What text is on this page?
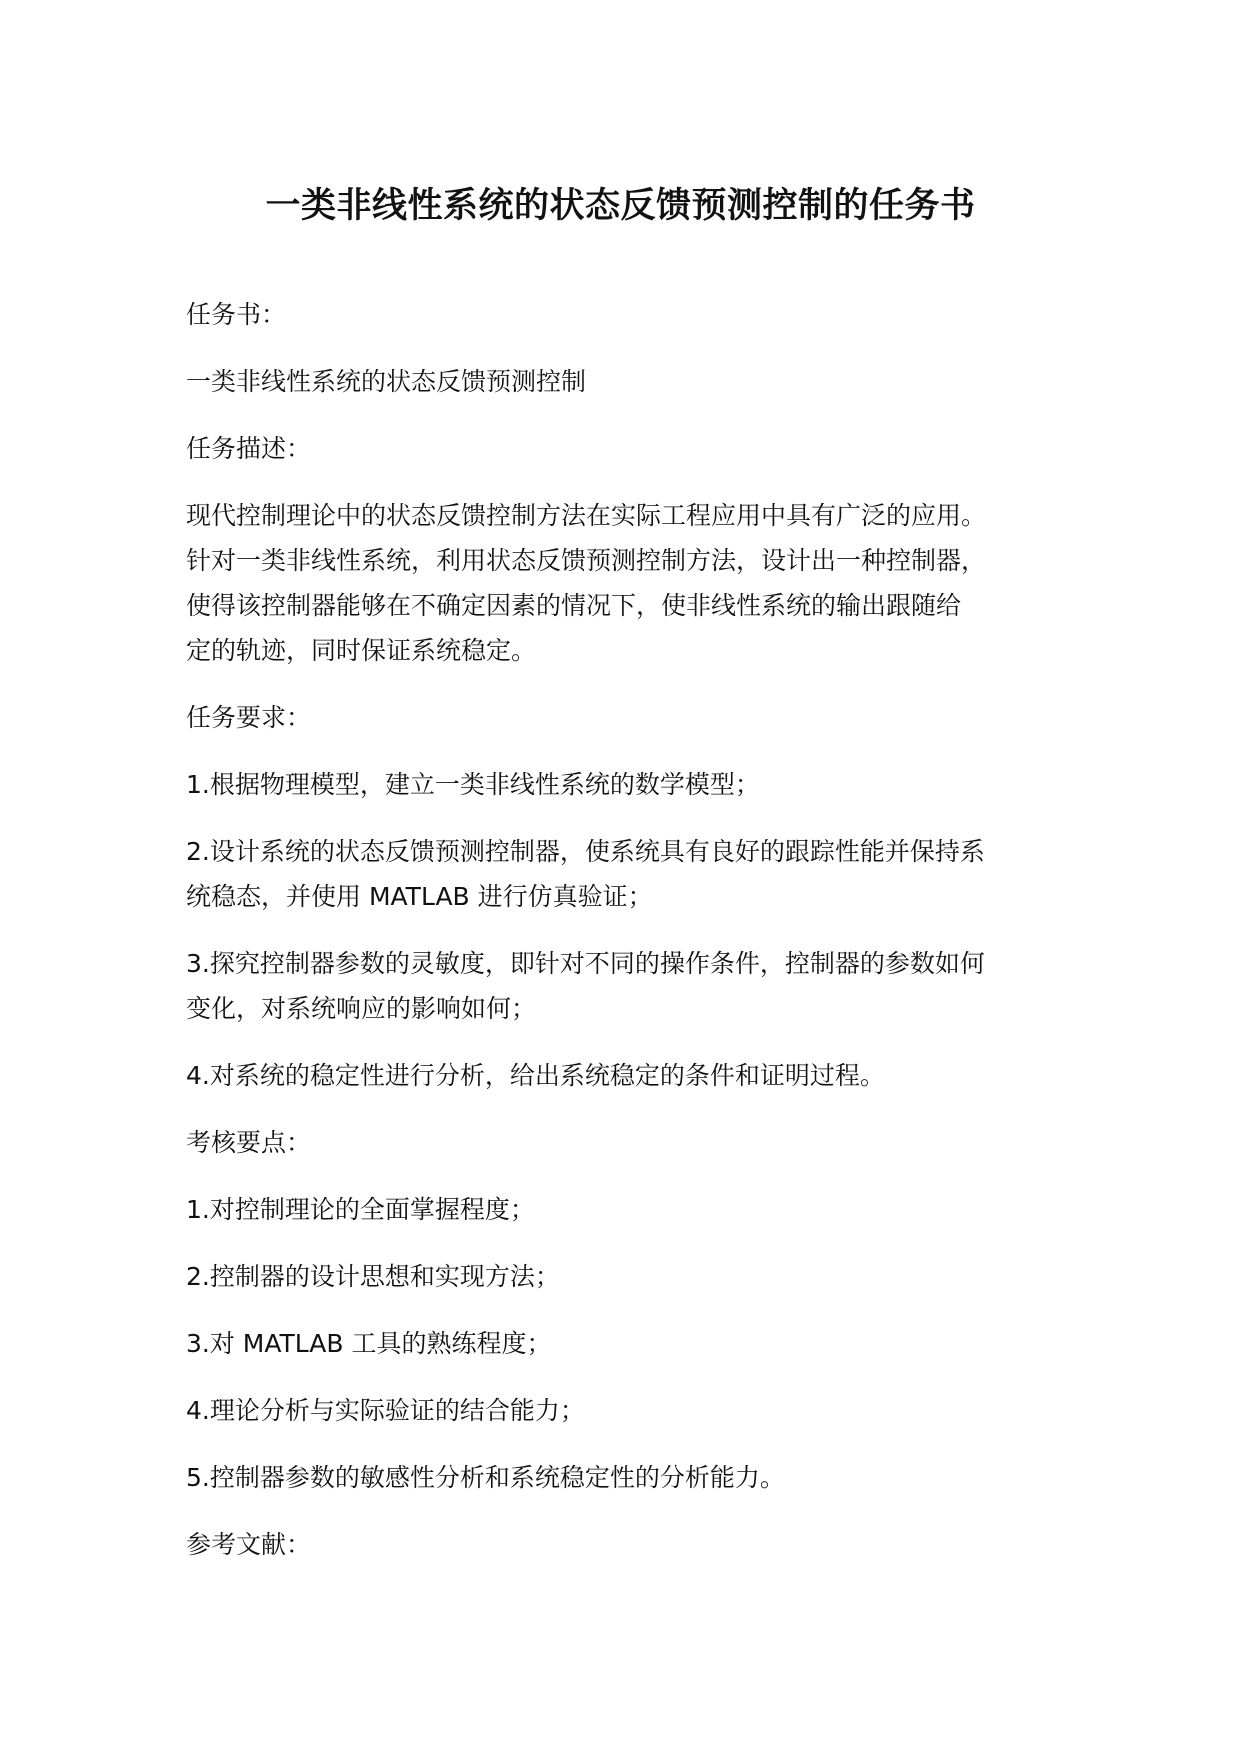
一类非线性系统的状态反馈预测控制的任务书

任务书：

一类非线性系统的状态反馈预测控制

任务描述：

现代控制理论中的状态反馈控制方法在实际工程应用中具有广泛的应用。
针对一类非线性系统，利用状态反馈预测控制方法，设计出一种控制器，
使得该控制器能够在不确定因素的情况下，使非线性系统的输出跟随给
定的轨迹，同时保证系统稳定。

任务要求：

1.根据物理模型，建立一类非线性系统的数学模型；

2.设计系统的状态反馈预测控制器，使系统具有良好的跟踪性能并保持系
统稳态，并使用 MATLAB 进行仿真验证；

3.探究控制器参数的灵敏度，即针对不同的操作条件，控制器的参数如何
变化，对系统响应的影响如何；

4.对系统的稳定性进行分析，给出系统稳定的条件和证明过程。

考核要点：

1.对控制理论的全面掌握程度；

2.控制器的设计思想和实现方法；

3.对 MATLAB 工具的熟练程度；

4.理论分析与实际验证的结合能力；

5.控制器参数的敏感性分析和系统稳定性的分析能力。

参考文献：
